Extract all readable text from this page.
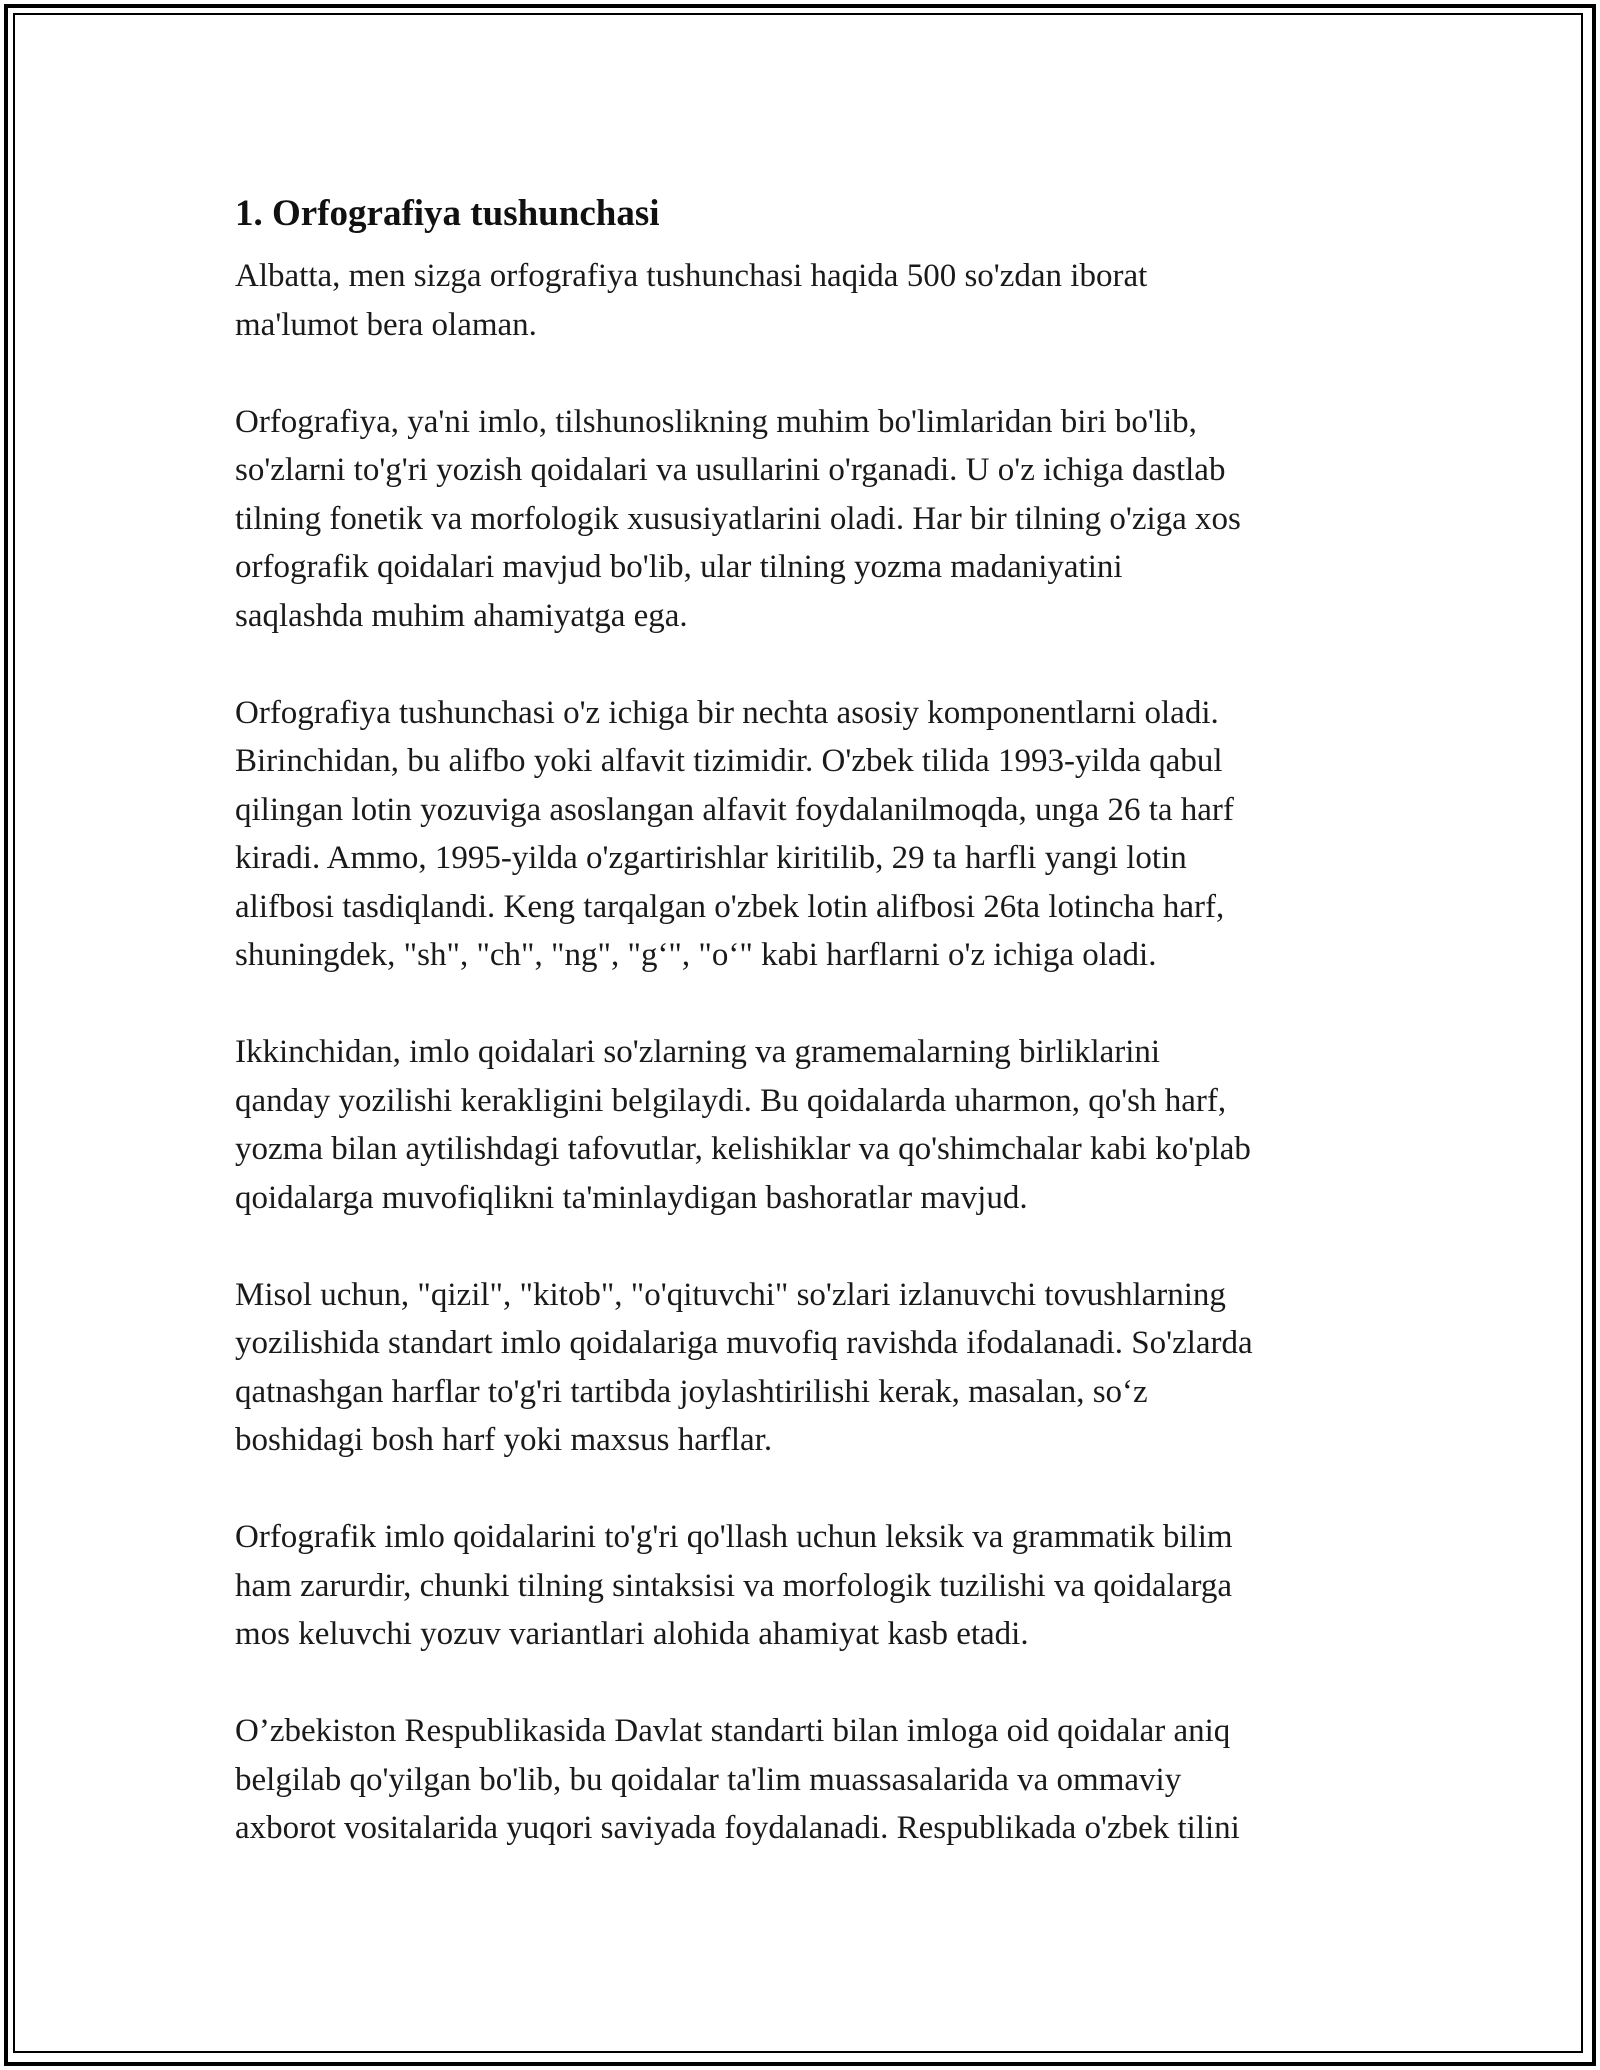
1. Orfografiya tushunchasi

Albatta, men sizga orfografiya tushunchasi haqida 500 so'zdan iborat
ma'lumot bera olaman.

Orfografiya, ya'ni imlo, tilshunoslikning muhim bo'limlaridan biri bo'lib,
so'zlarni to'g'ri yozish qoidalari va usullarini o'rganadi. U o'z ichiga dastlab
tilning fonetik va morfologik xususiyatlarini oladi. Har bir tilning o'ziga xos
orfografik qoidalari mavjud bo'lib, ular tilning yozma madaniyatini
saqlashda muhim ahamiyatga ega.

Orfografiya tushunchasi o'z ichiga bir nechta asosiy komponentlarni oladi.
Birinchidan, bu alifbo yoki alfavit tizimidir. O'zbek tilida 1993-yilda qabul
qilingan lotin yozuviga asoslangan alfavit foydalanilmoqda, unga 26 ta harf
kiradi. Ammo, 1995-yilda o'zgartirishlar kiritilib, 29 ta harfli yangi lotin
alifbosi tasdiqlandi. Keng tarqalgan o'zbek lotin alifbosi 26ta lotincha harf,
shuningdek, "sh", "ch", "ng", "g‘", "o‘" kabi harflarni o'z ichiga oladi.

Ikkinchidan, imlo qoidalari so'zlarning va gramemalarning birliklarini
qanday yozilishi kerakligini belgilaydi. Bu qoidalarda uharmon, qo'sh harf,
yozma bilan aytilishdagi tafovutlar, kelishiklar va qo'shimchalar kabi ko'plab
qoidalarga muvofiqlikni ta'minlaydigan bashoratlar mavjud.

Misol uchun, "qizil", "kitob", "o'qituvchi" so'zlari izlanuvchi tovushlarning
yozilishida standart imlo qoidalariga muvofiq ravishda ifodalanadi. So'zlarda
qatnashgan harflar to'g'ri tartibda joylashtirilishi kerak, masalan, so‘z
boshidagi bosh harf yoki maxsus harflar.

Orfografik imlo qoidalarini to'g'ri qo'llash uchun leksik va grammatik bilim
ham zarurdir, chunki tilning sintaksisi va morfologik tuzilishi va qoidalarga
mos keluvchi yozuv variantlari alohida ahamiyat kasb etadi.

O’zbekiston Respublikasida Davlat standarti bilan imloga oid qoidalar aniq
belgilab qo'yilgan bo'lib, bu qoidalar ta'lim muassasalarida va ommaviy
axborot vositalarida yuqori saviyada foydalanadi. Respublikada o'zbek tilini
